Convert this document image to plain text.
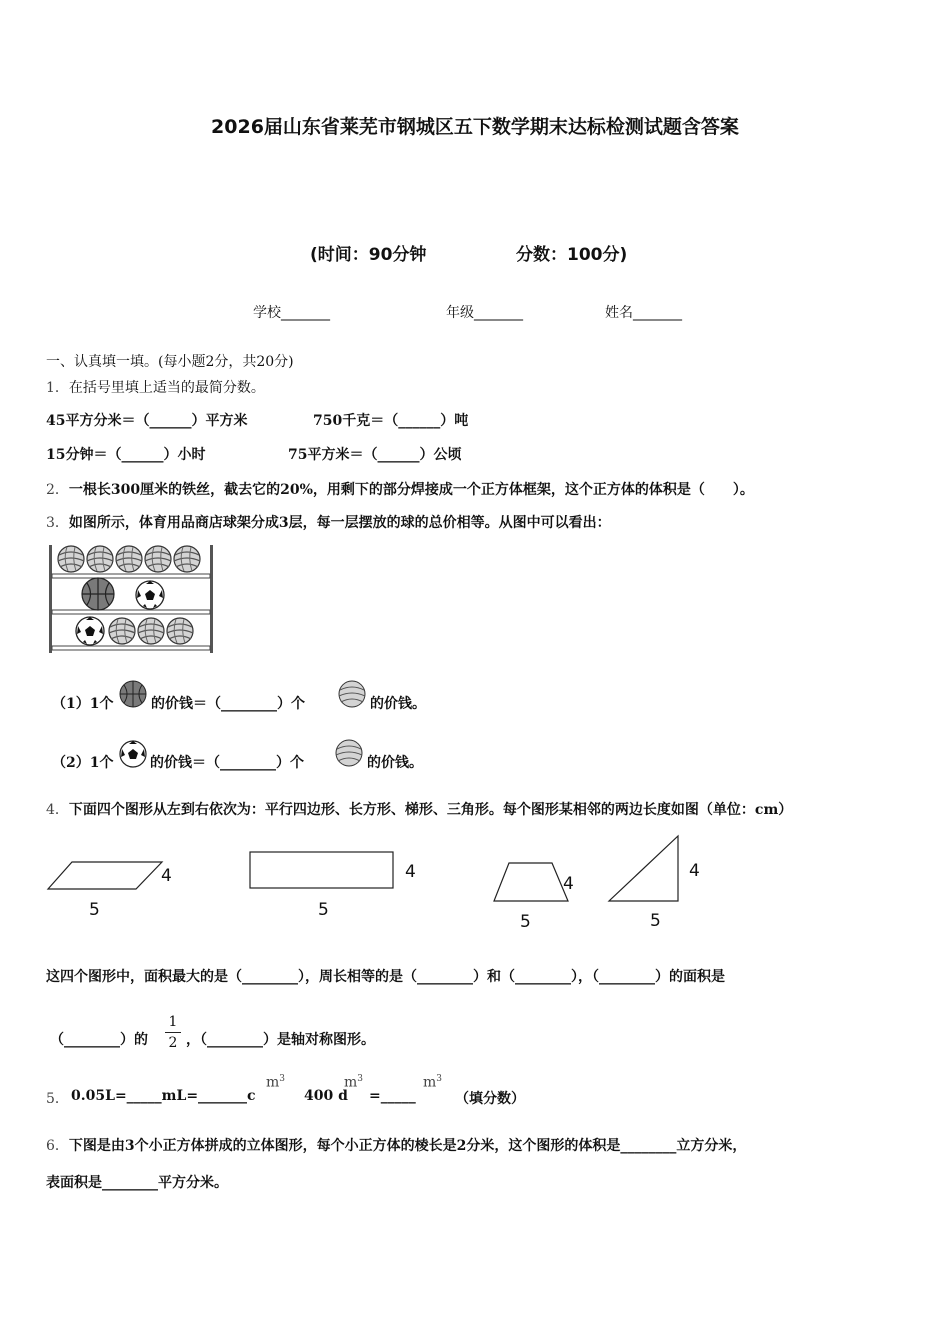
2026届山东省莱芜市钢城区五下数学期末达标检测试题含答案
(时间：90分钟	分数：100分)
学校_______	年级_______	姓名_______
一、认真填一填。(每小题2分，共20分)
1．在括号里填上适当的最简分数。
45平方分米＝（______）平方米	750千克＝（______）吨
15分钟＝（______）小时	75平方米＝（______）公顷
2．一根长300厘米的铁丝，截去它的20%，用剩下的部分焊接成一个正方体框架，这个正方体的体积是（　　）。
3．如图所示，体育用品商店球架分成3层，每一层摆放的球的总价相等。从图中可以看出：
（1）1个	的价钱＝（________）个	的价钱。
（2）1个	的价钱＝（________）个	的价钱。
4．下面四个图形从左到右依次为：平行四边形、长方形、梯形、三角形。每个图形某相邻的两边长度如图（单位：cm）
4
5
4
5
4
5
4
5
这四个图形中，面积最大的是（________），周长相等的是（________）和（________），（________）的面积是
（________）的
1
2 ，（________）是轴对称图形。
5． 0.05L=_____mL=_______c
$m^3$
400 d
$m^3$
=_____
$m^3$
（填分数）
6．下图是由3个小正方体拼成的立体图形，每个小正方体的棱长是2分米，这个图形的体积是________立方分米，
表面积是________平方分米。
